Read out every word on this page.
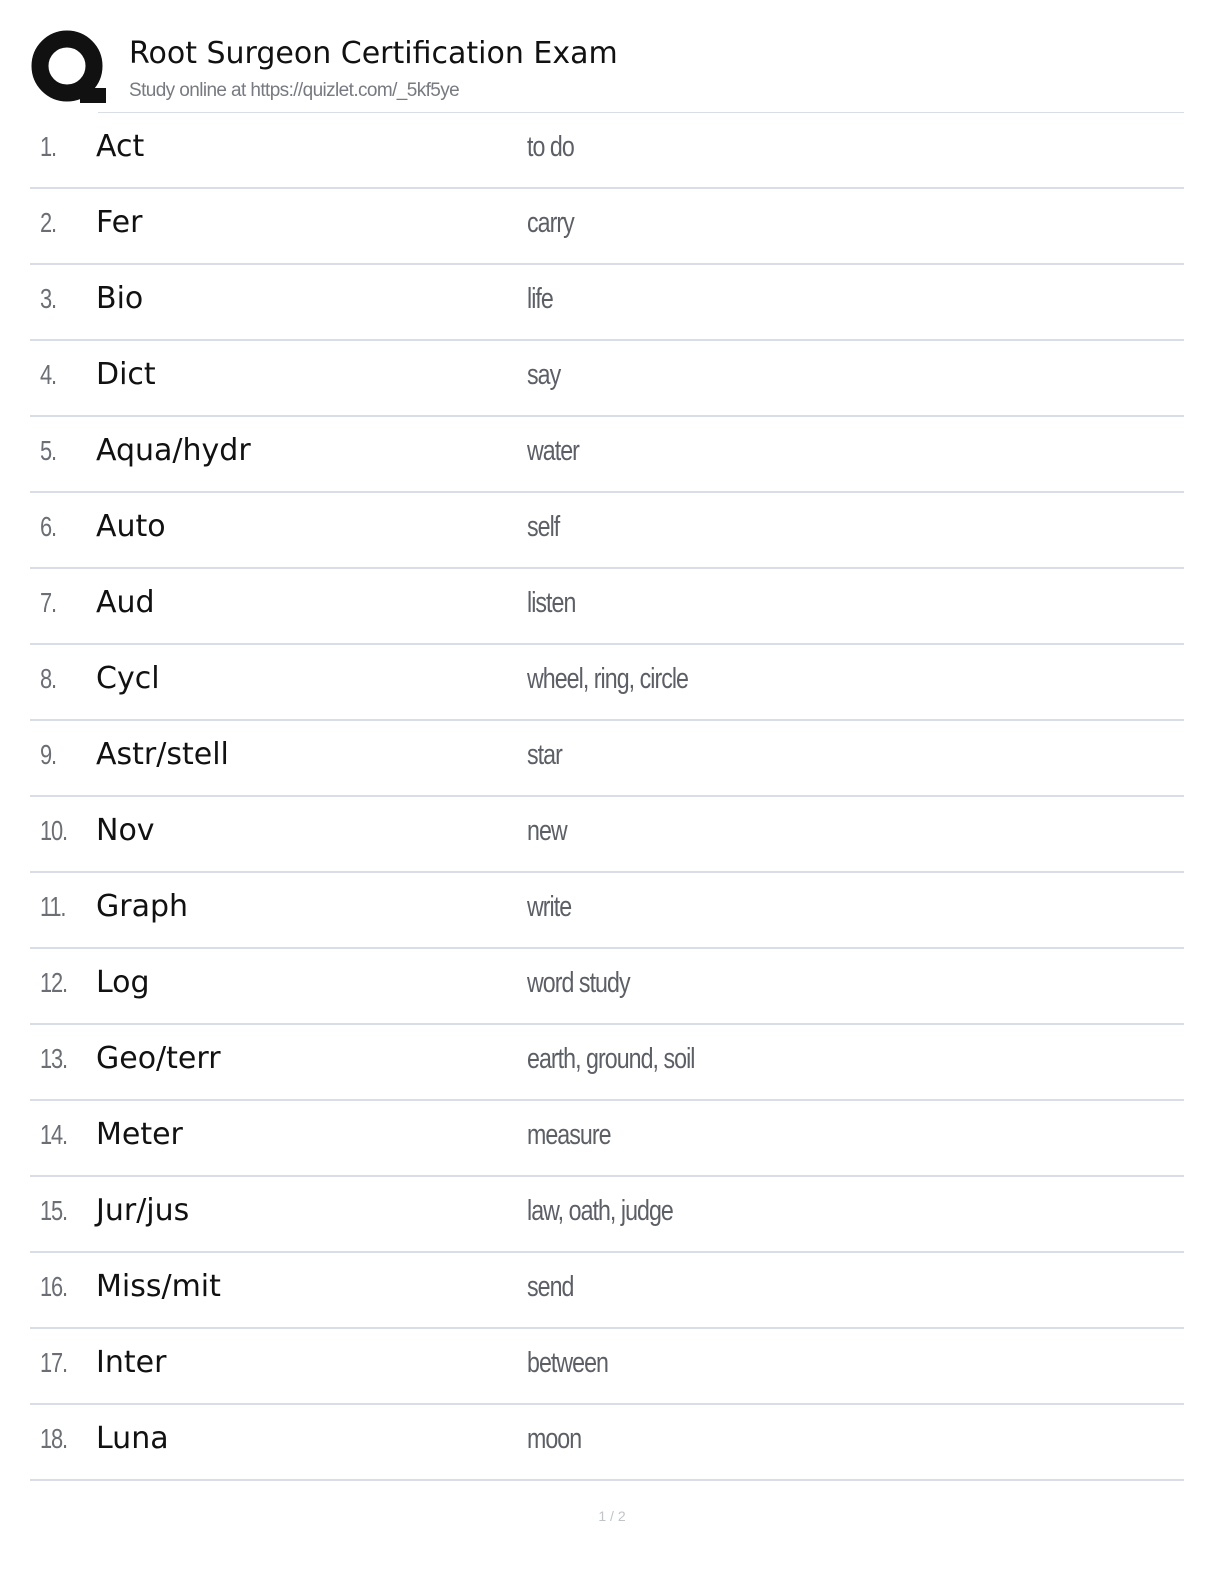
Root Surgeon Certification Exam
Study online at https://quizlet.com/_5kf5ye
1. Act	to do
2. Fer	carry
3. Bio	life
4. Dict	say
5. Aqua/hydr	water
6. Auto	self
7. Aud	listen
8. Cycl	wheel, ring, circle
9. Astr/stell	star
10. Nov	new
11. Graph	write
12. Log	word study
13. Geo/terr	earth, ground, soil
14. Meter	measure
15. Jur/jus	law, oath, judge
16. Miss/mit	send
17. Inter	between
18. Luna	moon
1 / 2
